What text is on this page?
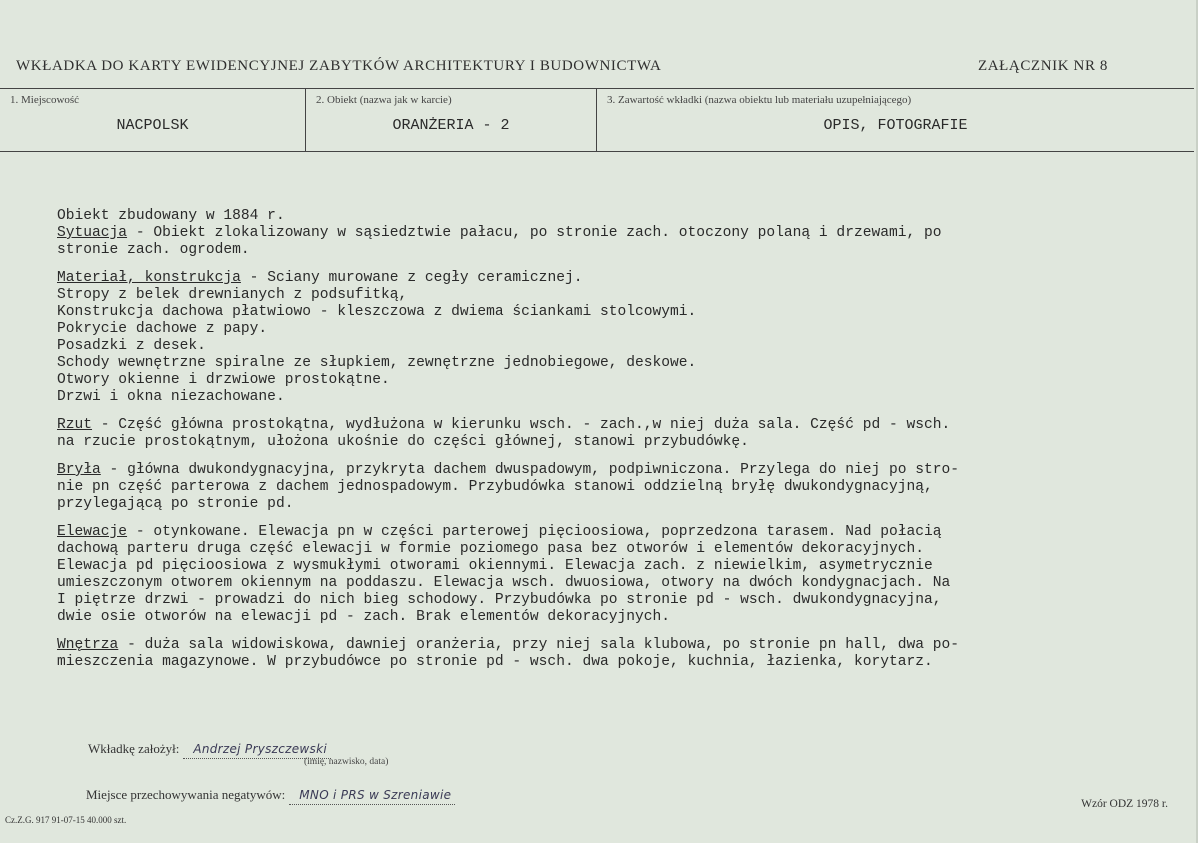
WKŁADKA DO KARTY EWIDENCYJNEJ ZABYTKÓW ARCHITEKTURY I BUDOWNICTWA	ZAŁĄCZNIK NR 8
1. Miejscowość
NACPOLSK
2. Obiekt (nazwa jak w karcie)
ORANŻERIA - 2
3. Zawartość wkładki (nazwa obiektu lub materiału uzupełniającego)
OPIS, FOTOGRAFIE
Obiekt zbudowany w 1884 r.
Sytuacja - Obiekt zlokalizowany w sąsiedztwie pałacu, po stronie zach. otoczony polaną i drzewami, po
stronie zach. ogrodem.
Materiał, konstrukcja - Sciany murowane z cegły ceramicznej.
Stropy z belek drewnianych z podsufitką,
Konstrukcja dachowa płatwiowo - kleszczowa z dwiema ściankami stolcowymi.
Pokrycie dachowe z papy.
Posadzki z desek.
Schody wewnętrzne spiralne ze słupkiem, zewnętrzne jednobiegowe, deskowe.
Otwory okienne i drzwiowe prostokątne.
Drzwi i okna niezachowane.
Rzut - Część główna prostokątna, wydłużona w kierunku wsch. - zach.,w niej duża sala. Część pd - wsch.
na rzucie prostokątnym, ułożona ukośnie do części głównej, stanowi przybudówkę.
Bryła - główna dwukondygnacyjna, przykryta dachem dwuspadowym, podpiwniczona. Przylega do niej po stro-
nie pn część parterowa z dachem jednospadowym. Przybudówka stanowi oddzielną bryłę dwukondygnacyjną,
przylegającą po stronie pd.
Elewacje - otynkowane. Elewacja pn w części parterowej pięcioosiowa, poprzedzona tarasem. Nad połacią
dachową parteru druga część elewacji w formie poziomego pasa bez otworów i elementów dekoracyjnych.
Elewacja pd pięcioosiowa z wysmukłymi otworami okiennymi. Elewacja zach. z niewielkim, asymetrycznie
umieszczonym otworem okiennym na poddaszu. Elewacja wsch. dwuosiowa, otwory na dwóch kondygnacjach. Na
I piętrze drzwi - prowadzi do nich bieg schodowy. Przybudówka po stronie pd - wsch. dwukondygnacyjna,
dwie osie otworów na elewacji pd - zach. Brak elementów dekoracyjnych.
Wnętrza - duża sala widowiskowa, dawniej oranżeria, przy niej sala klubowa, po stronie pn hall, dwa po-
mieszczenia magazynowe. W przybudówce po stronie pd - wsch. dwa pokoje, kuchnia, łazienka, korytarz.
Wkładkę założył: Andrzej Pryszczewski
(imię, nazwisko, data)
Miejsce przechowywania negatywów: MNO i PRS w Szreniawie
Wzór ODZ 1978 r.
Cz.Z.G. 917 91-07-15 40.000 szt.
